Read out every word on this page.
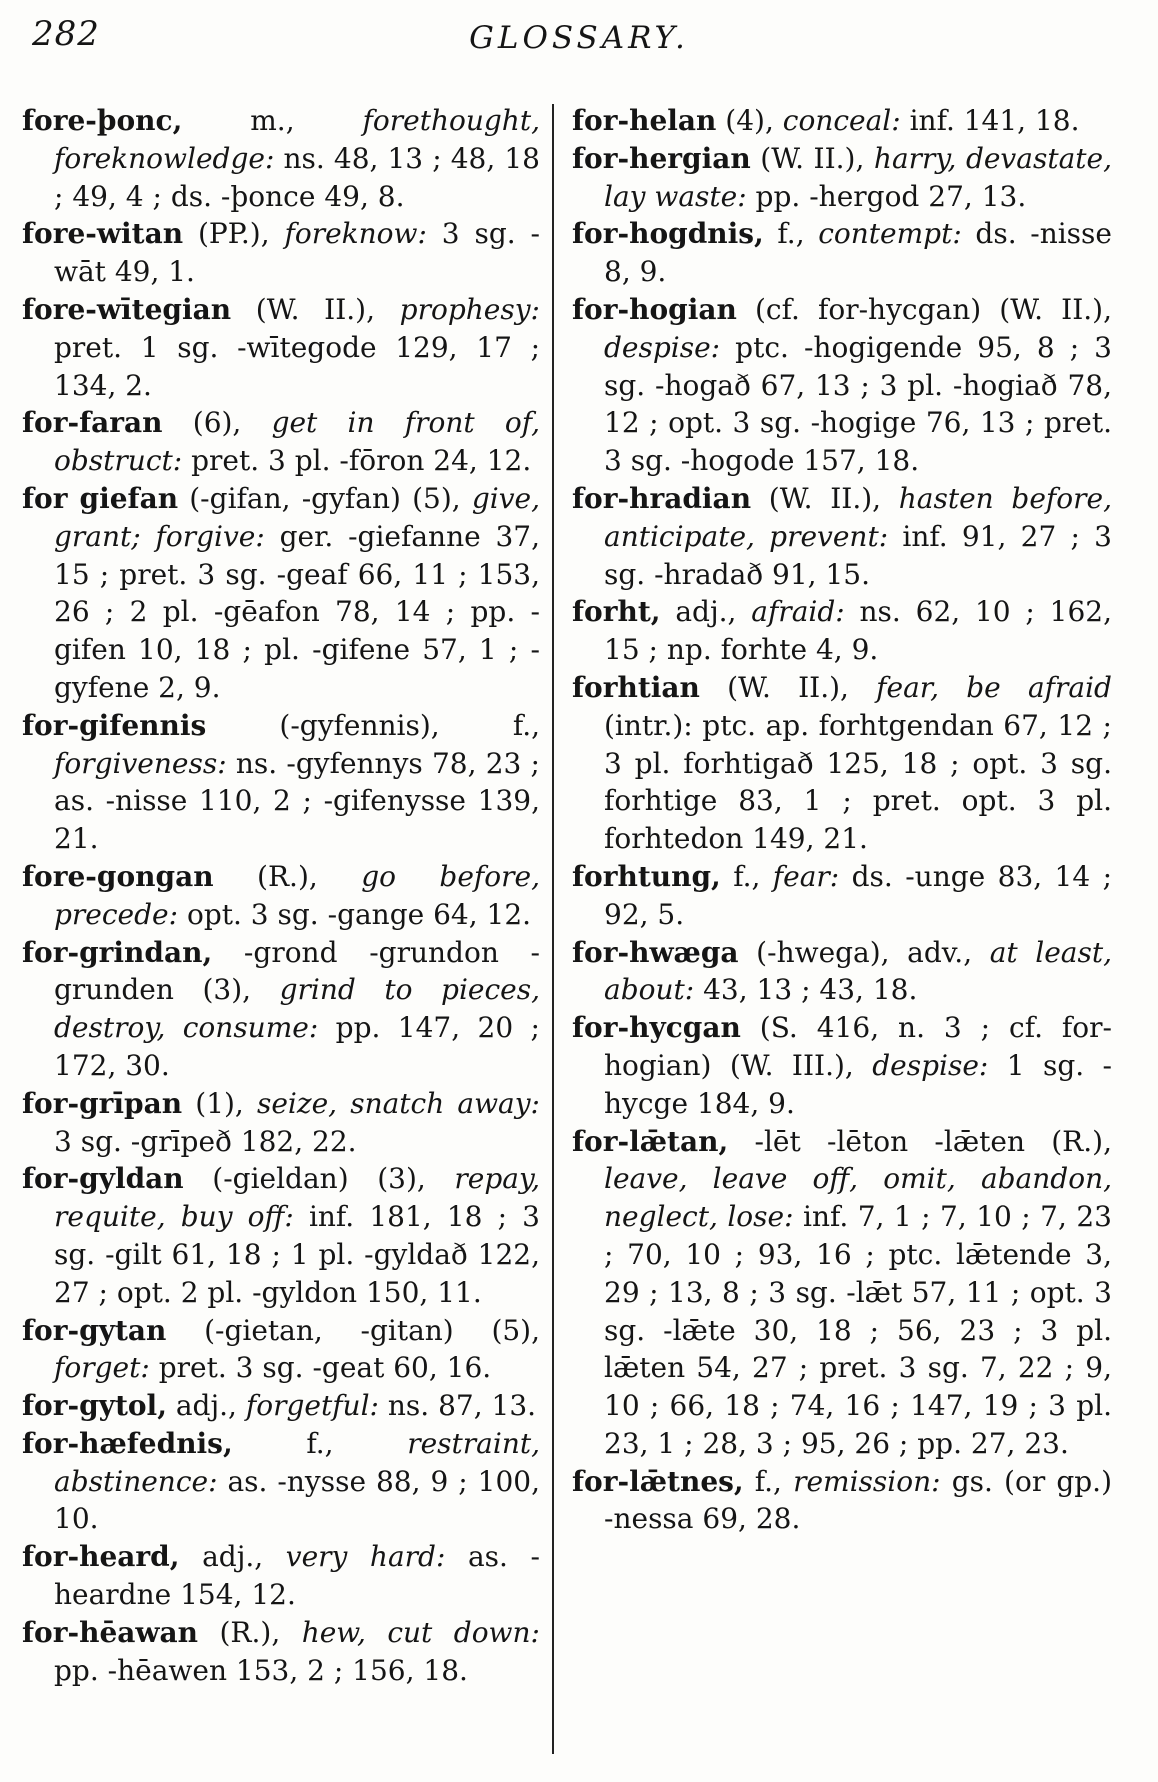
282	GLOSSARY.

fore-þonc, m., forethought, foreknowledge: ns. 48, 13 ; 48, 18 ; 49, 4 ; ds. -þonce 49, 8.

fore-witan (PP.), foreknow: 3 sg. -wāt 49, 1.

fore-wītegian (W. II.), prophesy: pret. 1 sg. -wītegode 129, 17 ; 134, 2.

for-faran (6), get in front of, obstruct: pret. 3 pl. -fōron 24, 12.

for giefan (-gifan, -gyfan) (5), give, grant; forgive: ger. -giefanne 37, 15 ; pret. 3 sg. -geaf 66, 11 ; 153, 26 ; 2 pl. -gēafon 78, 14 ; pp. -gifen 10, 18 ; pl. -gifene 57, 1 ; -gyfene 2, 9.

for-gifennis (-gyfennis), f., forgiveness: ns. -gyfennys 78, 23 ; as. -nisse 110, 2 ; -gifenysse 139, 21.

fore-gongan (R.), go before, precede: opt. 3 sg. -gange 64, 12.

for-grindan, -grond -grundon -grunden (3), grind to pieces, destroy, consume: pp. 147, 20 ; 172, 30.

for-grīpan (1), seize, snatch away: 3 sg. -grīpeð 182, 22.

for-gyldan (-gieldan) (3), repay, requite, buy off: inf. 181, 18 ; 3 sg. -gilt 61, 18 ; 1 pl. -gyldað 122, 27 ; opt. 2 pl. -gyldon 150, 11.

for-gytan (-gietan, -gitan) (5), forget: pret. 3 sg. -geat 60, 16.

for-gytol, adj., forgetful: ns. 87, 13.

for-hæfednis, f., restraint, abstinence: as. -nysse 88, 9 ; 100, 10.

for-heard, adj., very hard: as. -heardne 154, 12.

for-hēawan (R.), hew, cut down: pp. -hēawen 153, 2 ; 156, 18.

for-helan (4), conceal: inf. 141, 18.

for-hergian (W. II.), harry, devastate, lay waste: pp. -hergod 27, 13.

for-hogdnis, f., contempt: ds. -nisse 8, 9.

for-hogian (cf. for-hycgan) (W. II.), despise: ptc. -hogigende 95, 8 ; 3 sg. -hogað 67, 13 ; 3 pl. -hogiað 78, 12 ; opt. 3 sg. -hogige 76, 13 ; pret. 3 sg. -hogode 157, 18.

for-hradian (W. II.), hasten before, anticipate, prevent: inf. 91, 27 ; 3 sg. -hradað 91, 15.

forht, adj., afraid: ns. 62, 10 ; 162, 15 ; np. forhte 4, 9.

forhtian (W. II.), fear, be afraid (intr.): ptc. ap. forhtgendan 67, 12 ; 3 pl. forhtigað 125, 18 ; opt. 3 sg. forhtige 83, 1 ; pret. opt. 3 pl. forhtedon 149, 21.

forhtung, f., fear: ds. -unge 83, 14 ; 92, 5.

for-hwæga (-hwega), adv., at least, about: 43, 13 ; 43, 18.

for-hycgan (S. 416, n. 3 ; cf. for-hogian) (W. III.), despise: 1 sg. -hycge 184, 9.

for-lǣtan, -lēt -lēton -lǣten (R.), leave, leave off, omit, abandon, neglect, lose: inf. 7, 1 ; 7, 10 ; 7, 23 ; 70, 10 ; 93, 16 ; ptc. lǣtende 3, 29 ; 13, 8 ; 3 sg. -lǣt 57, 11 ; opt. 3 sg. -lǣte 30, 18 ; 56, 23 ; 3 pl. lǣten 54, 27 ; pret. 3 sg. 7, 22 ; 9, 10 ; 66, 18 ; 74, 16 ; 147, 19 ; 3 pl. 23, 1 ; 28, 3 ; 95, 26 ; pp. 27, 23.

for-lǣtnes, f., remission: gs. (or gp.) -nessa 69, 28.
